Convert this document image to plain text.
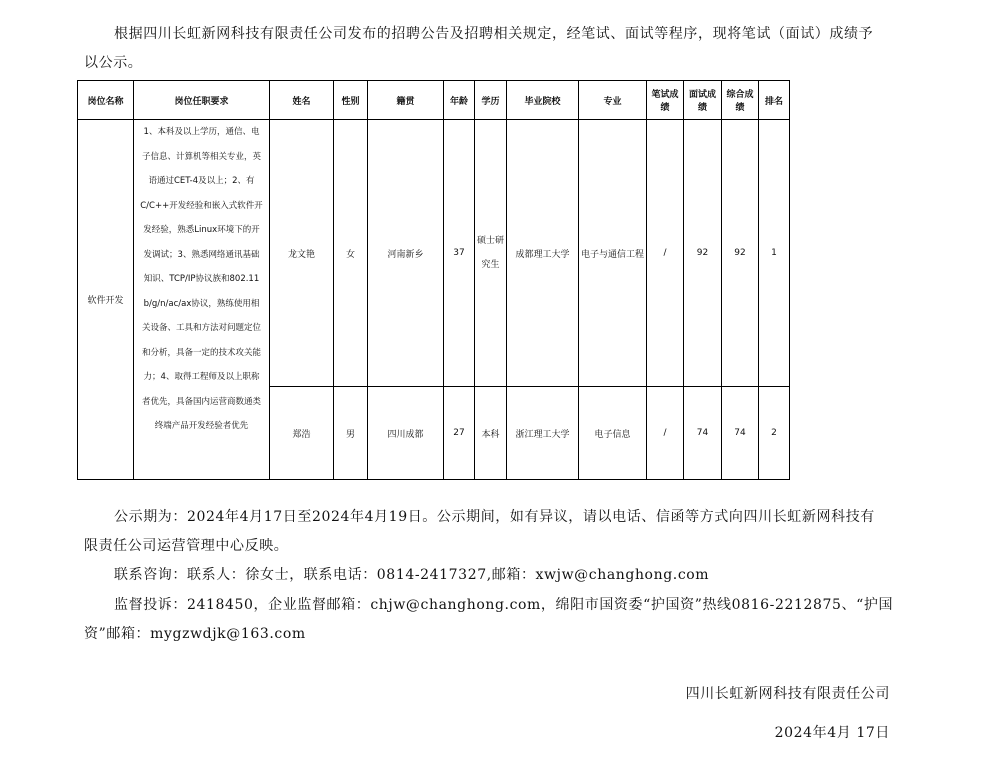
根据四川长虹新网科技有限责任公司发布的招聘公告及招聘相关规定，经笔试、面试等程序，现将笔试（面试）成绩予以公示。
岗位名称	岗位任职要求	姓名	性别	籍贯	年龄	学历	毕业院校	专业	笔试成绩	面试成绩	综合成绩	排名
软件开发	1、本科及以上学历，通信、电子信息、计算机等相关专业，英语通过CET-4及以上；2、有C/C++开发经验和嵌入式软件开发经验，熟悉Linux环境下的开发调试；3、熟悉网络通讯基础知识、TCP/IP协议族和802.11 b/g/n/ac/ax协议，熟练使用相关设备、工具和方法对问题定位和分析，具备一定的技术攻关能力；4、取得工程师及以上职称者优先，具备国内运营商数通类终端产品开发经验者优先	龙文艳	女	河南新乡	37	硕士研究生	成都理工大学	电子与通信工程	/	92	92	1
		郑浩	男	四川成都	27	本科	浙江理工大学	电子信息	/	74	74	2
公示期为：2024年4月17日至2024年4月19日。公示期间，如有异议，请以电话、信函等方式向四川长虹新网科技有限责任公司运营管理中心反映。
联系咨询：联系人：徐女士，联系电话：0814-2417327,邮箱：xwjw@changhong.com
监督投诉：2418450，企业监督邮箱：chjw@changhong.com，绵阳市国资委“护国资”热线0816-2212875、“护国资”邮箱：mygzwdjk@163.com
四川长虹新网科技有限责任公司
2024年4月 17日
